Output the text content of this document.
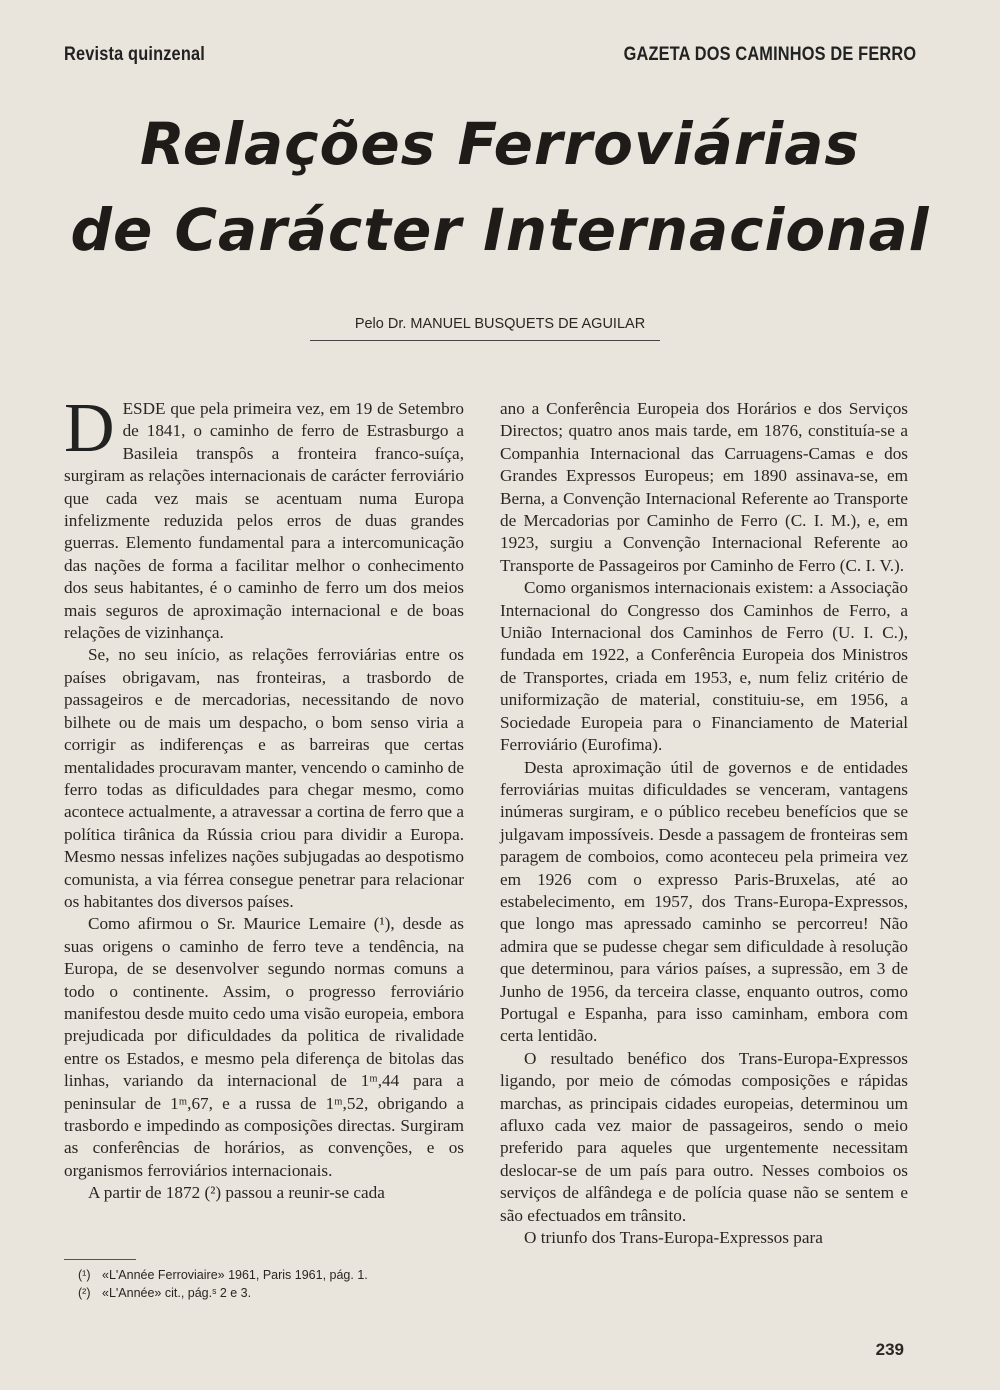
Revista quinzenal	GAZETA DOS CAMINHOS DE FERRO
Relações Ferroviárias
de Carácter Internacional
Pelo Dr. MANUEL BUSQUETS DE AGUILAR

DESDE que pela primeira vez, em 19 de Setembro de 1841, o caminho de ferro de Estrasburgo a Basileia transpôs a fronteira franco-suíça, surgiram as relações internacionais de carácter ferroviário que cada vez mais se acentuam numa Europa infelizmente reduzida pelos erros de duas grandes guerras. Elemento fundamental para a intercomunicação das nações de forma a facilitar melhor o conhecimento dos seus habitantes, é o caminho de ferro um dos meios mais seguros de aproximação internacional e de boas relações de vizinhança.

Se, no seu início, as relações ferroviárias entre os países obrigavam, nas fronteiras, a trasbordo de passageiros e de mercadorias, necessitando de novo bilhete ou de mais um despacho, o bom senso viria a corrigir as indiferenças e as barreiras que certas mentalidades procuravam manter, vencendo o caminho de ferro todas as dificuldades para chegar mesmo, como acontece actualmente, a atravessar a cortina de ferro que a política tirânica da Rússia criou para dividir a Europa. Mesmo nessas infelizes nações subjugadas ao despotismo comunista, a via férrea consegue penetrar para relacionar os habitantes dos diversos países.

Como afirmou o Sr. Maurice Lemaire (¹), desde as suas origens o caminho de ferro teve a tendência, na Europa, de se desenvolver segundo normas comuns a todo o continente. Assim, o progresso ferroviário manifestou desde muito cedo uma visão europeia, embora prejudicada por dificuldades da politica de rivalidade entre os Estados, e mesmo pela diferença de bitolas das linhas, variando da internacional de 1ᵐ,44 para a peninsular de 1ᵐ,67, e a russa de 1ᵐ,52, obrigando a trasbordo e impedindo as composições directas. Surgiram as conferências de horários, as convenções, e os organismos ferroviários internacionais.

A partir de 1872 (²) passou a reunir-se cada

ano a Conferência Europeia dos Horários e dos Serviços Directos; quatro anos mais tarde, em 1876, constituía-se a Companhia Internacional das Carruagens-Camas e dos Grandes Expressos Europeus; em 1890 assinava-se, em Berna, a Convenção Internacional Referente ao Transporte de Mercadorias por Caminho de Ferro (C. I. M.), e, em 1923, surgiu a Convenção Internacional Referente ao Transporte de Passageiros por Caminho de Ferro (C. I. V.).

Como organismos internacionais existem: a Associação Internacional do Congresso dos Caminhos de Ferro, a União Internacional dos Caminhos de Ferro (U. I. C.), fundada em 1922, a Conferência Europeia dos Ministros de Transportes, criada em 1953, e, num feliz critério de uniformização de material, constituiu-se, em 1956, a Sociedade Europeia para o Financiamento de Material Ferroviário (Eurofima).

Desta aproximação útil de governos e de entidades ferroviárias muitas dificuldades se venceram, vantagens inúmeras surgiram, e o público recebeu benefícios que se julgavam impossíveis. Desde a passagem de fronteiras sem paragem de comboios, como aconteceu pela primeira vez em 1926 com o expresso Paris-Bruxelas, até ao estabelecimento, em 1957, dos Trans-Europa-Expressos, que longo mas apressado caminho se percorreu! Não admira que se pudesse chegar sem dificuldade à resolução que determinou, para vários países, a supressão, em 3 de Junho de 1956, da terceira classe, enquanto outros, como Portugal e Espanha, para isso caminham, embora com certa lentidão.

O resultado benéfico dos Trans-Europa-Expressos ligando, por meio de cómodas composições e rápidas marchas, as principais cidades europeias, determinou um afluxo cada vez maior de passageiros, sendo o meio preferido para aqueles que urgentemente necessitam deslocar-se de um país para outro. Nesses comboios os serviços de alfândega e de polícia quase não se sentem e são efectuados em trânsito.

O triunfo dos Trans-Europa-Expressos para

(¹) «L'Année Ferroviaire» 1961, Paris 1961, pág. 1.

(²) «L'Année» cit., pág.ˢ 2 e 3.

239
